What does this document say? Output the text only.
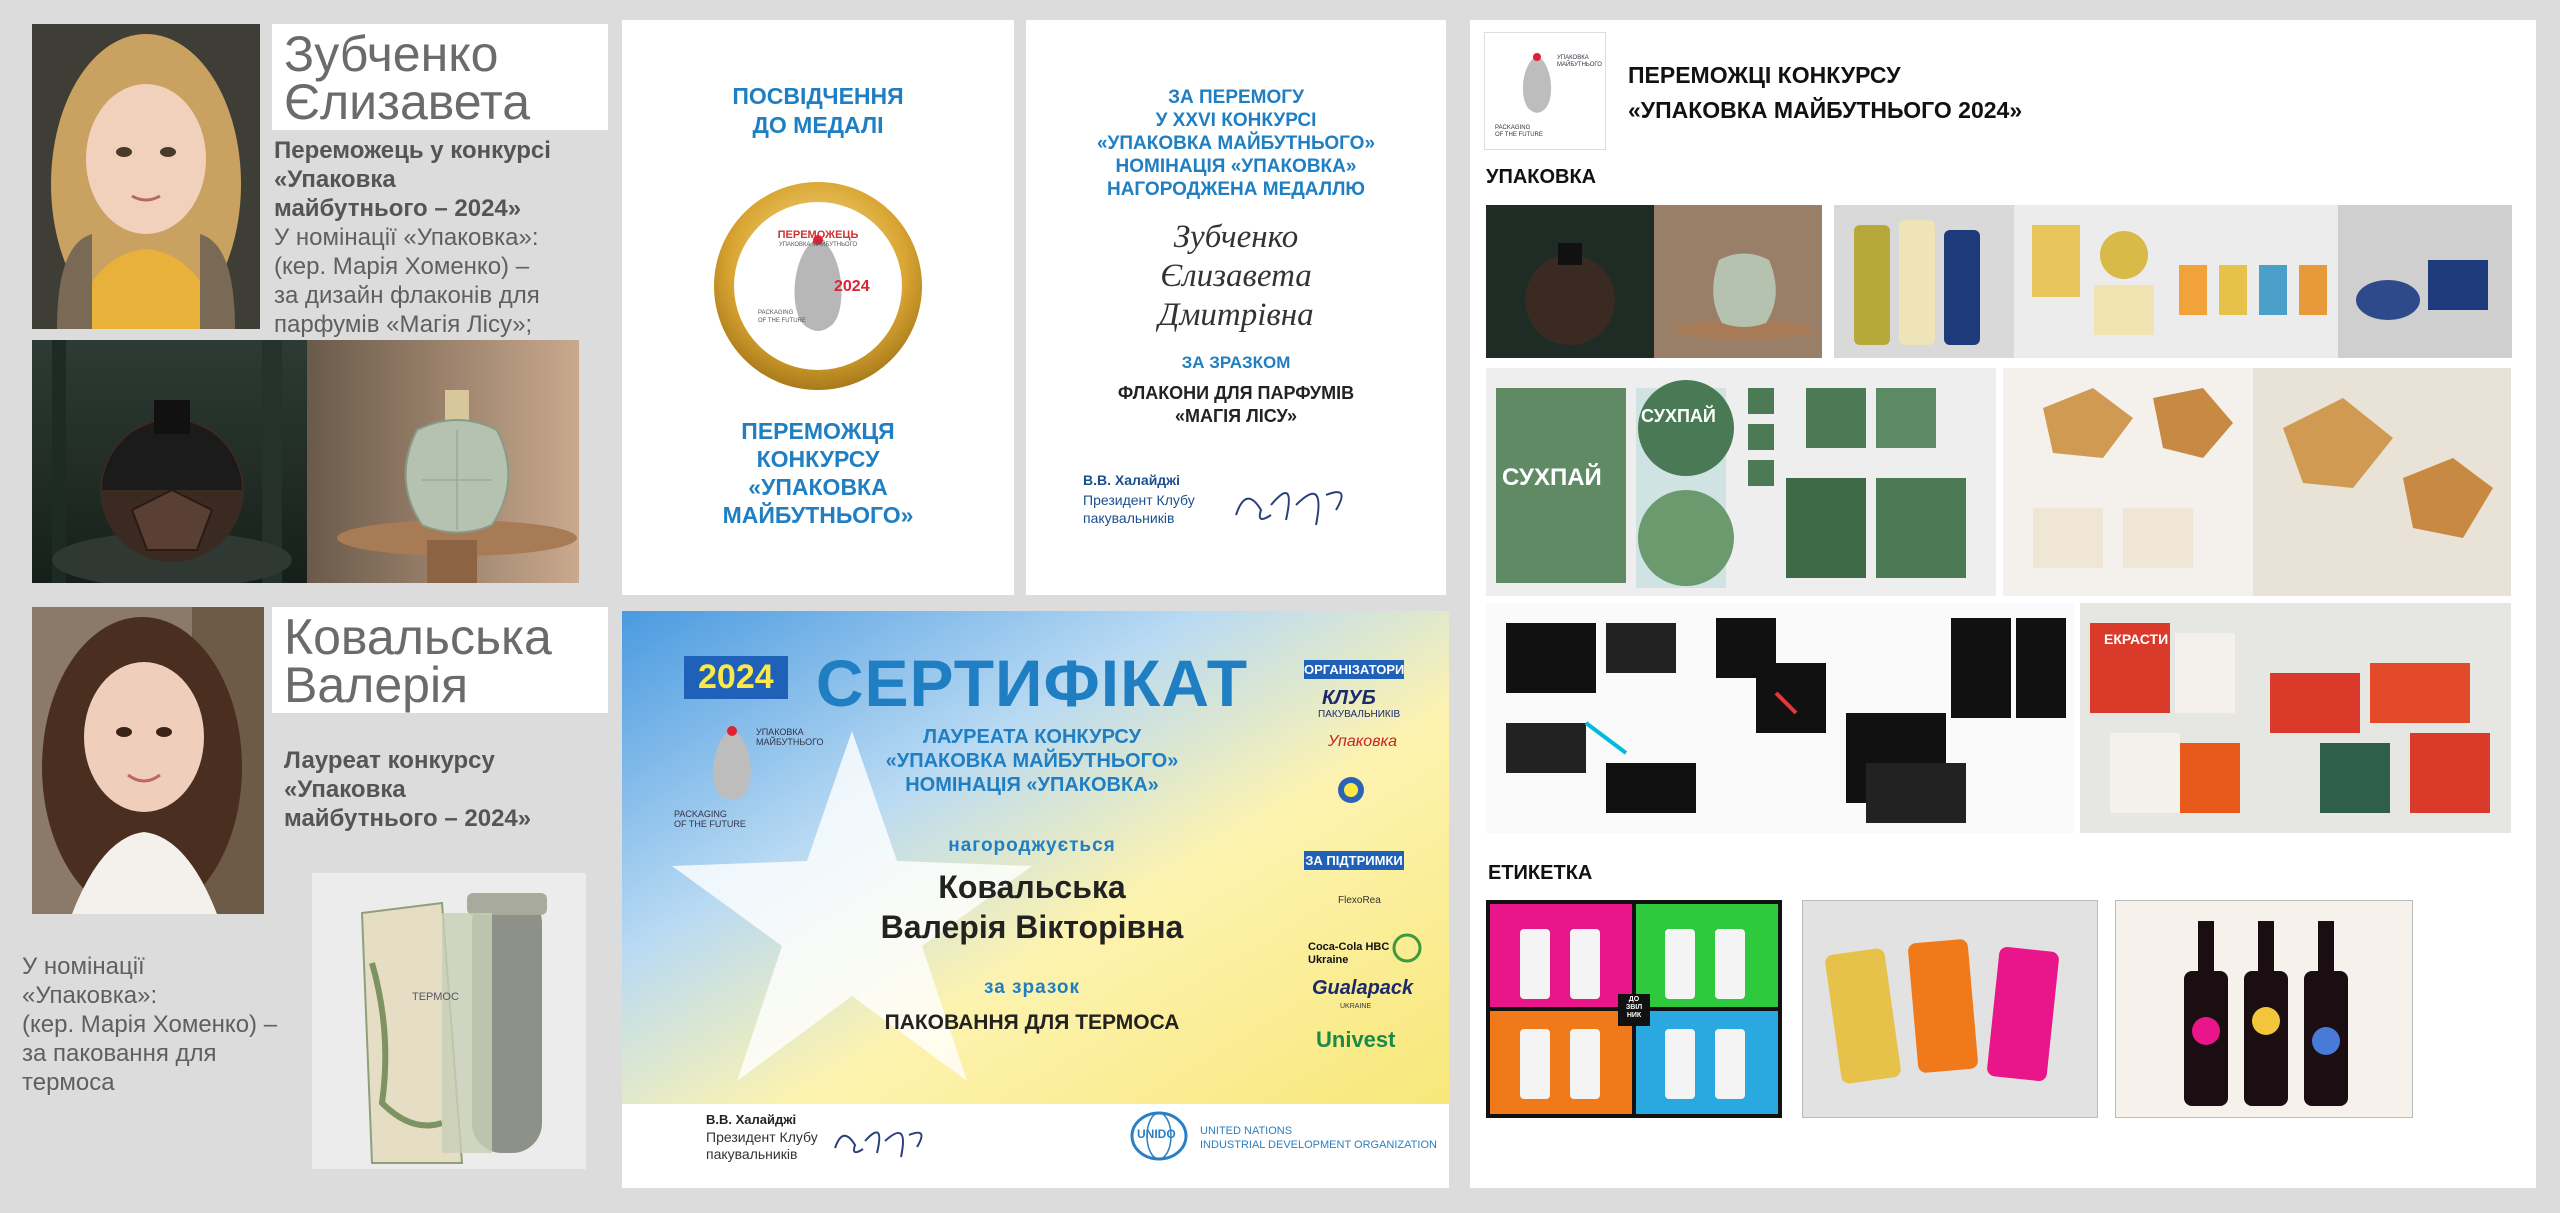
Зубченко
Єлизавета
Переможець у конкурсі
«Упаковка
майбутнього – 2024»
У номінації «Упаковка»:
(кер. Марія Хоменко) –
за дизайн флаконів для
парфумів «Магія Лісу»;
Ковальська
Валерія
Лауреат конкурсу
«Упаковка
майбутнього – 2024»
У номінації
«Упаковка»:
(кер. Марія Хоменко) –
за паковання для
термоса
ТЕРМОС
ПОСВІДЧЕННЯ
ДО МЕДАЛІ
ПЕРЕМОЖЕЦЬ
УПАКОВКА МАЙБУТНЬОГО
2024
PACKAGING
OF THE FUTURE
ПЕРЕМОЖЦЯ
КОНКУРСУ
«УПАКОВКА
МАЙБУТНЬОГО»
ЗА ПЕРЕМОГУ
У XXVI КОНКУРСІ
«УПАКОВКА МАЙБУТНЬОГО»
НОМІНАЦІЯ «УПАКОВКА»
НАГОРОДЖЕНА МЕДАЛЛЮ
Зубченко
Єлизавета
Дмитрівна
ЗА ЗРАЗКОМ
ФЛАКОНИ ДЛЯ ПАРФУМІВ
«МАГІЯ ЛІСУ»
В.В. Халайджі
Президент Клубу
пакувальників
2024
УПАКОВКА
МАЙБУТНЬОГО
PACKAGING
OF THE FUTURE
СЕРТИФІКАТ
ЛАУРЕАТА КОНКУРСУ
«УПАКОВКА МАЙБУТНЬОГО»
НОМІНАЦІЯ «УПАКОВКА»
нагороджується
Ковальська
Валерія Вікторівна
за зразок
ПАКОВАННЯ ДЛЯ ТЕРМОСА
ОРГАНІЗАТОРИ
КЛУБ
ПАКУВАЛЬНИКІВ
Упаковка
ЗА ПІДТРИМКИ
FlexoRea
Coca-Cola HBC
Ukraine
Gualapack
UKRAINE
Univest
В.В. Халайджі
Президент Клубу
пакувальників
UNIDO UNITED NATIONS
INDUSTRIAL DEVELOPMENT ORGANIZATION
УПАКОВКА
МАЙБУТНЬОГО
PACKAGING
OF THE FUTURE
ПЕРЕМОЖЦІ КОНКУРСУ
«УПАКОВКА МАЙБУТНЬОГО 2024»
УПАКОВКА
СУХПАЙ
СУХПАЙ
ЕКРАСТИ
ЕТИКЕТКА
ДО
ЗВІЛ
НИК
